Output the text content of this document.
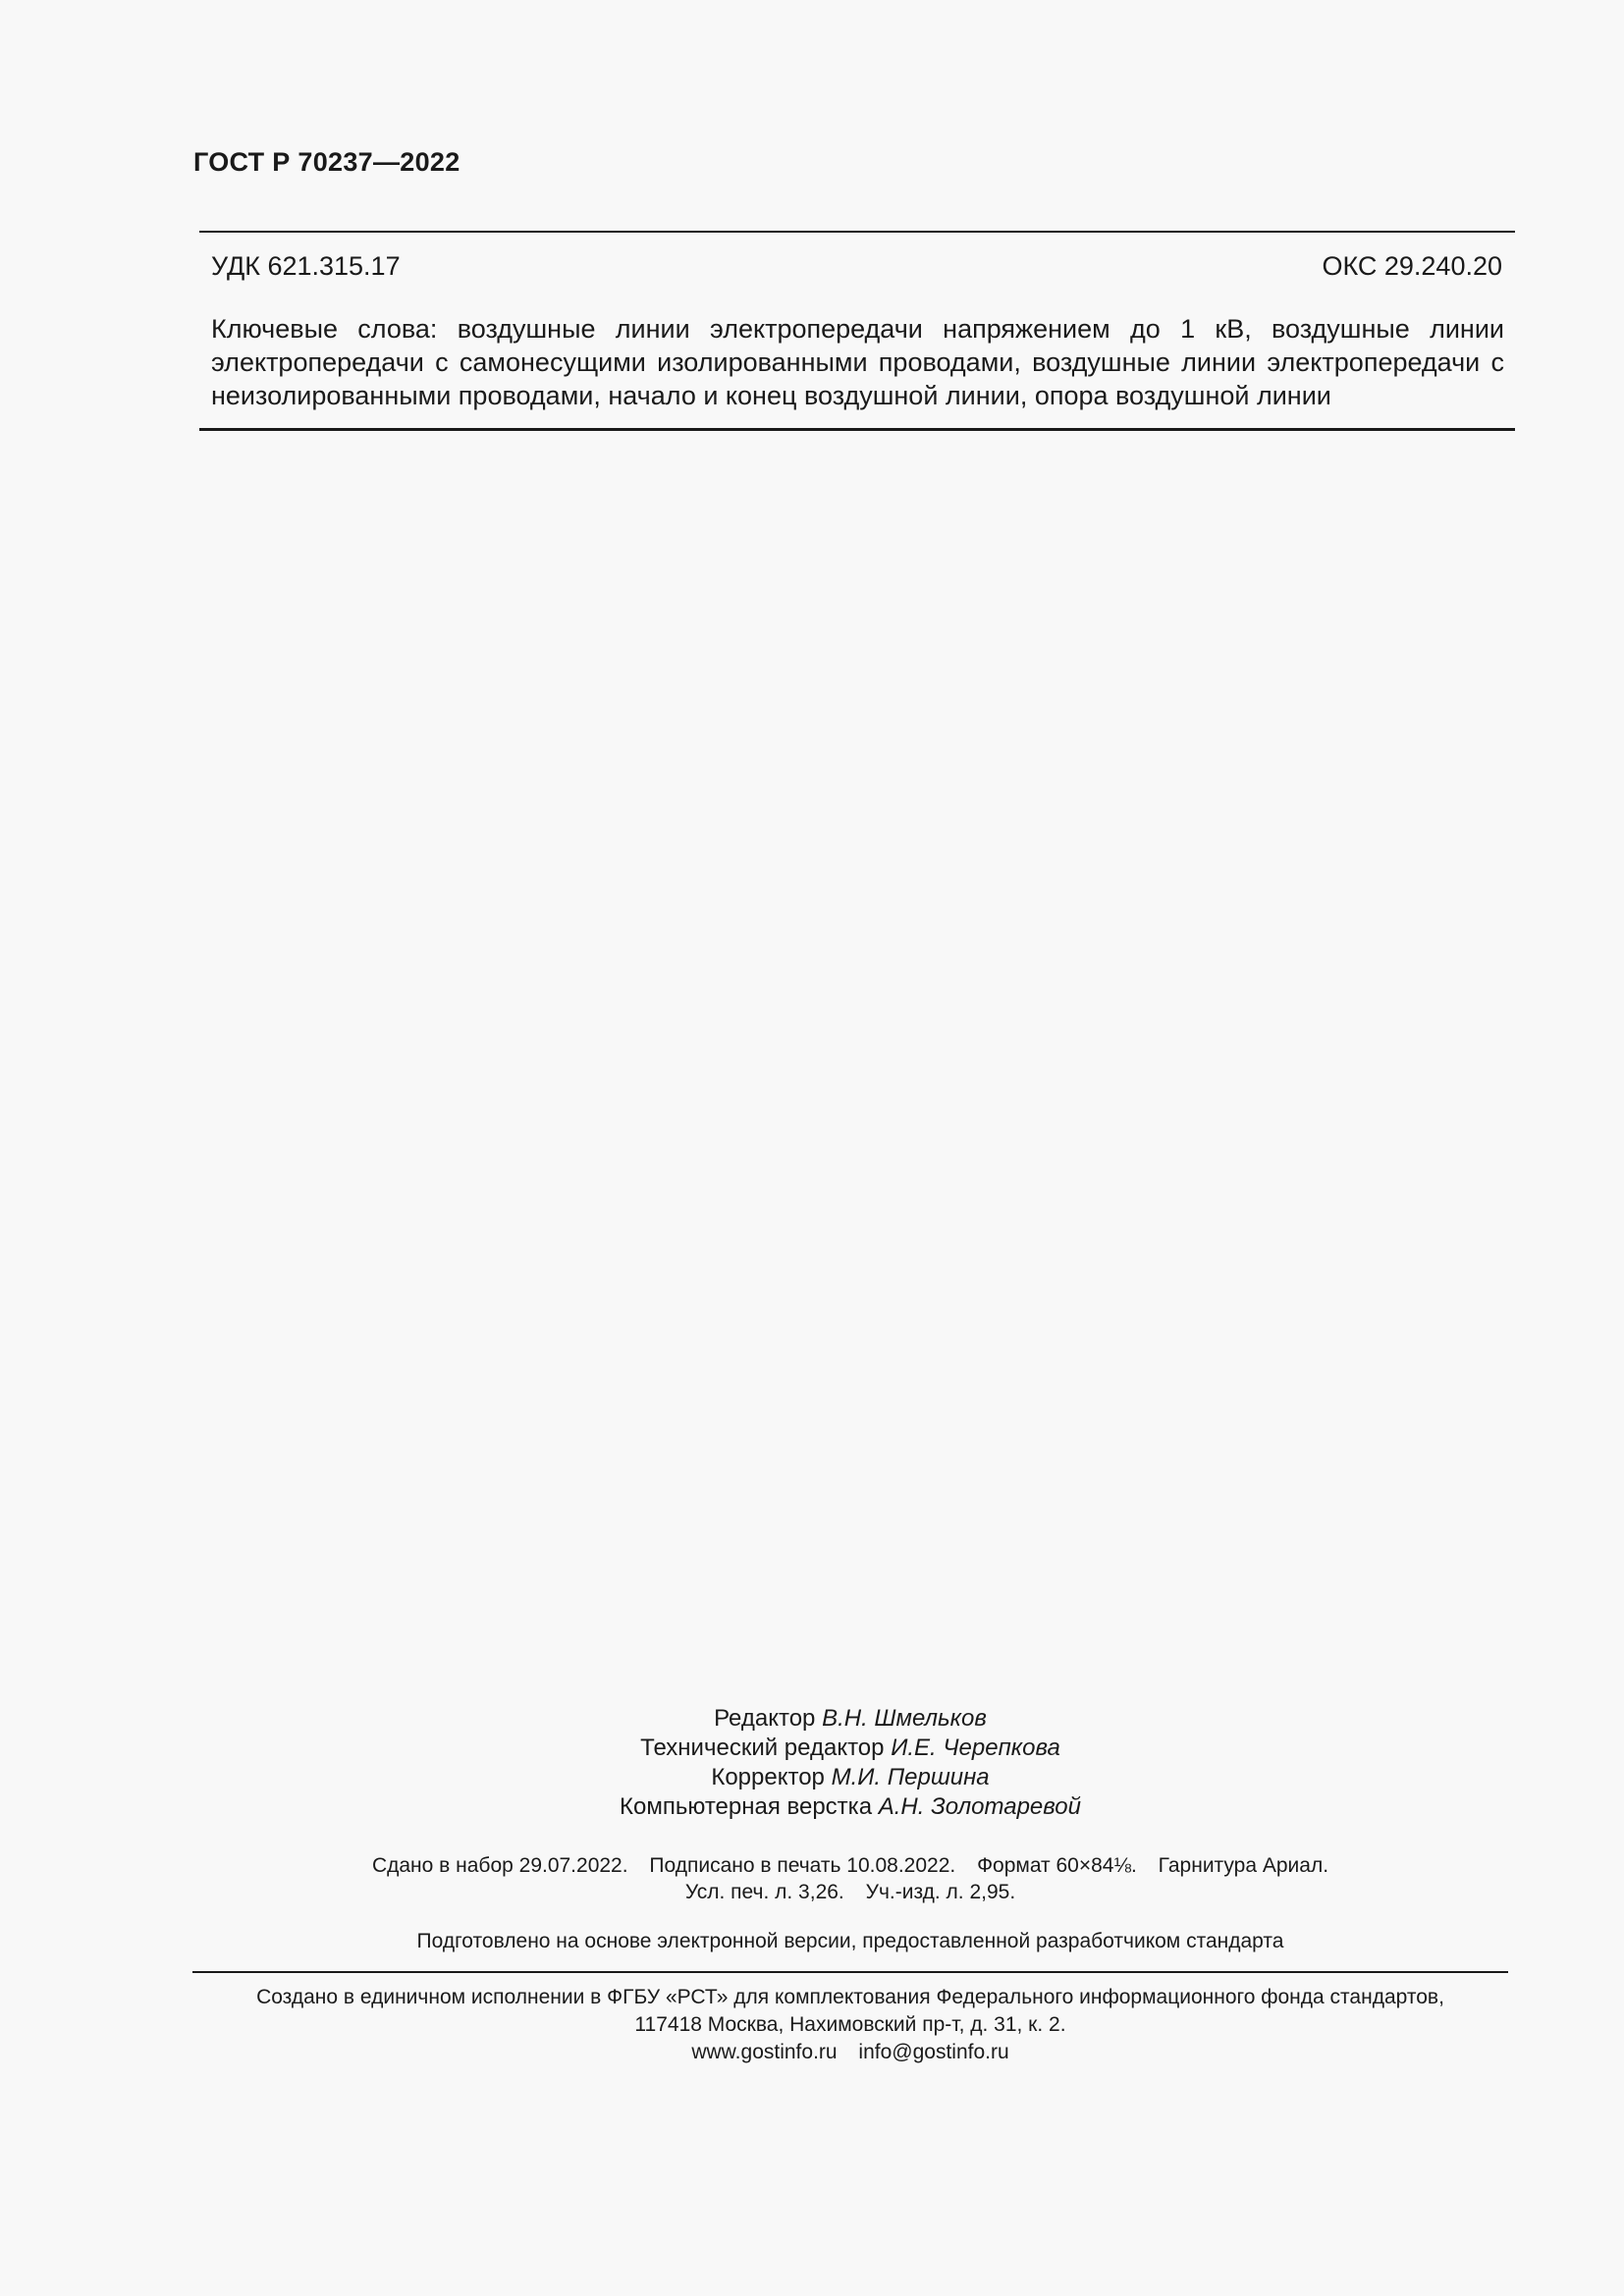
ГОСТ Р 70237—2022
УДК 621.315.17	ОКС 29.240.20
Ключевые слова: воздушные линии электропередачи напряжением до 1 кВ, воздушные линии электропередачи с самонесущими изолированными проводами, воздушные линии электропередачи с неизолированными проводами, начало и конец воздушной линии, опора воздушной линии
Редактор В.Н. Шмельков
Технический редактор И.Е. Черепкова
Корректор М.И. Першина
Компьютерная верстка А.Н. Золотаревой
Сдано в набор 29.07.2022. Подписано в печать 10.08.2022. Формат 60×84⅛. Гарнитура Ариал.
Усл. печ. л. 3,26. Уч.-изд. л. 2,95.
Подготовлено на основе электронной версии, предоставленной разработчиком стандарта
Создано в единичном исполнении в ФГБУ «РСТ» для комплектования Федерального информационного фонда стандартов,
117418 Москва, Нахимовский пр-т, д. 31, к. 2.
www.gostinfo.ru info@gostinfo.ru
